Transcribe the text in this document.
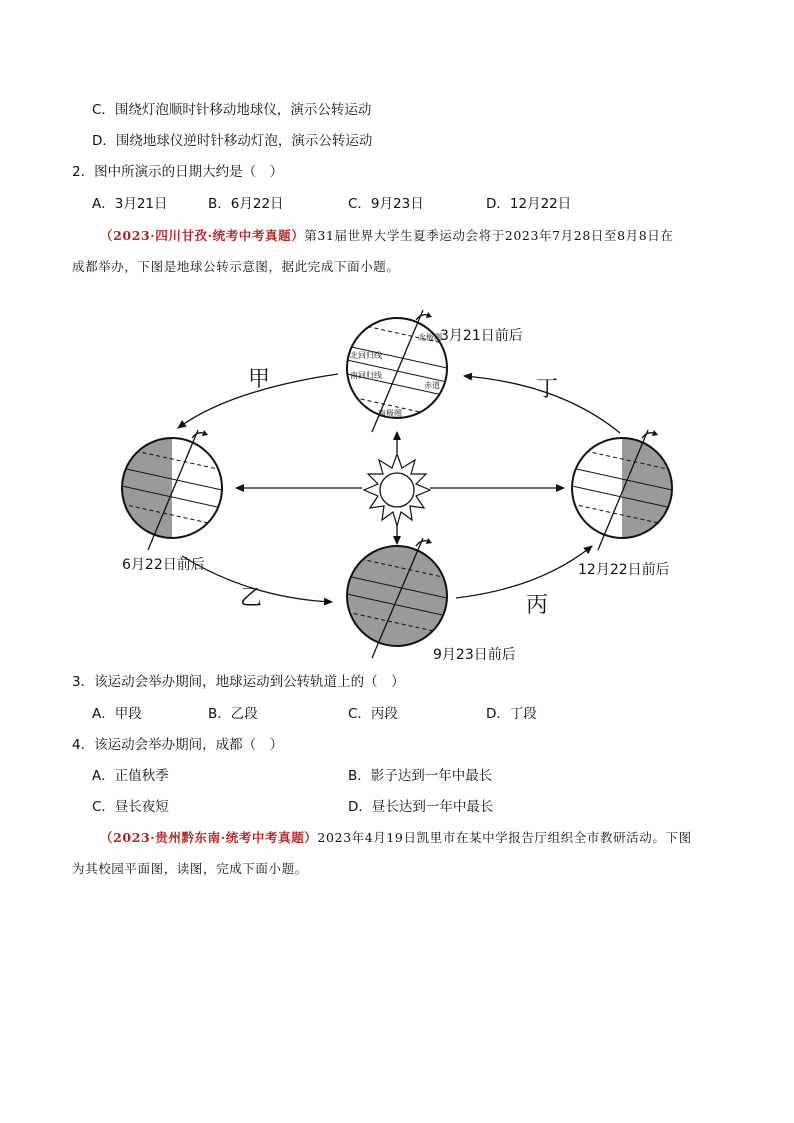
C．围绕灯泡顺时针移动地球仪，演示公转运动
D．围绕地球仪逆时针移动灯泡，演示公转运动
2．图中所演示的日期大约是（　）
A．3月21日	B．6月22日	C．9月23日	D．12月22日
（2023·四川甘孜·统考中考真题）第31届世界大学生夏季运动会将于2023年7月28日至8月8日在
成都举办，下图是地球公转示意图，据此完成下面小题。
北极圈
北回归线
南回归线
赤道
南极圈
3月21日前后
6月22日前后
9月23日前后
12月22日前后
甲
乙	丙
丁
3．该运动会举办期间，地球运动到公转轨道上的（　）
A．甲段	B．乙段	C．丙段	D．丁段
4．该运动会举办期间，成都（　）
A．正值秋季	B．影子达到一年中最长
C．昼长夜短	D．昼长达到一年中最长
（2023·贵州黔东南·统考中考真题）2023年4月19日凯里市在某中学报告厅组织全市教研活动。下图
为其校园平面图，读图，完成下面小题。
